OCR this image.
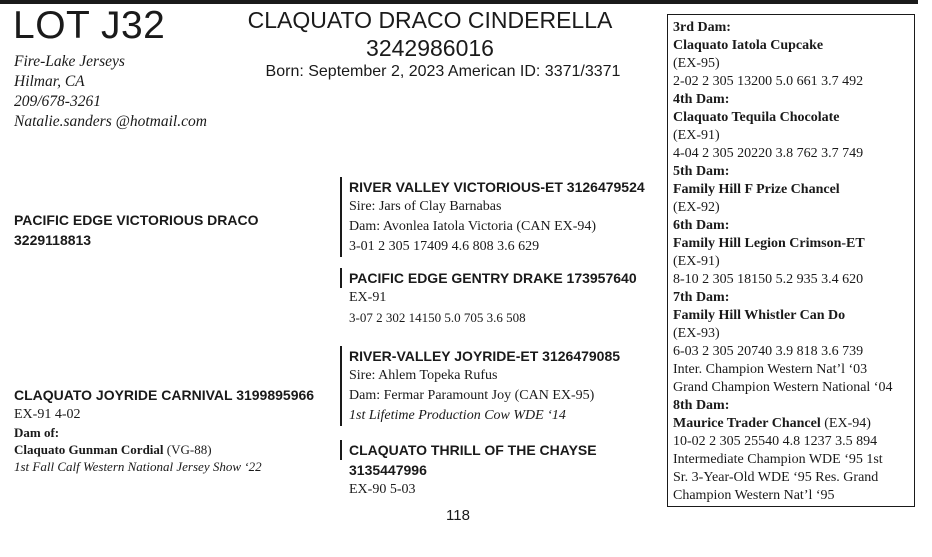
LOT J32
Fire-Lake Jerseys
Hilmar, CA
209/678-3261
Natalie.sanders @hotmail.com
CLAQUATO DRACO CINDERELLA
3242986016
Born: September 2, 2023 American ID: 3371/3371
PACIFIC EDGE VICTORIOUS DRACO
3229118813
CLAQUATO JOYRIDE CARNIVAL 3199895966
EX-91 4-02
Dam of:
Claquato Gunman Cordial (VG-88)
1st Fall Calf Western National Jersey Show ‘22
RIVER VALLEY VICTORIOUS-ET 3126479524
Sire: Jars of Clay Barnabas
Dam: Avonlea Iatola Victoria (CAN EX-94)
3-01 2 305 17409 4.6 808 3.6 629
PACIFIC EDGE GENTRY DRAKE 173957640
EX-91
3-07 2 302 14150 5.0 705 3.6 508
RIVER-VALLEY JOYRIDE-ET 3126479085
Sire: Ahlem Topeka Rufus
Dam: Fermar Paramount Joy (CAN EX-95)
1st Lifetime Production Cow WDE ‘14
CLAQUATO THRILL OF THE CHAYSE
3135447996
EX-90 5-03
3rd Dam:
Claquato Iatola Cupcake
(EX-95)
2-02 2 305 13200 5.0 661 3.7 492
4th Dam:
Claquato Tequila Chocolate
(EX-91)
4-04 2 305 20220 3.8 762 3.7 749
5th Dam:
Family Hill F Prize Chancel
(EX-92)
6th Dam:
Family Hill Legion Crimson-ET
(EX-91)
8-10 2 305 18150 5.2 935 3.4 620
7th Dam:
Family Hill Whistler Can Do
(EX-93)
6-03 2 305 20740 3.9 818 3.6 739
Inter. Champion Western Nat’l ‘03
Grand Champion Western National ‘04
8th Dam:
Maurice Trader Chancel (EX-94)
10-02 2 305 25540 4.8 1237 3.5 894
Intermediate Champion WDE ‘95 1st
Sr. 3-Year-Old WDE ‘95 Res. Grand
Champion Western Nat’l ‘95
118
